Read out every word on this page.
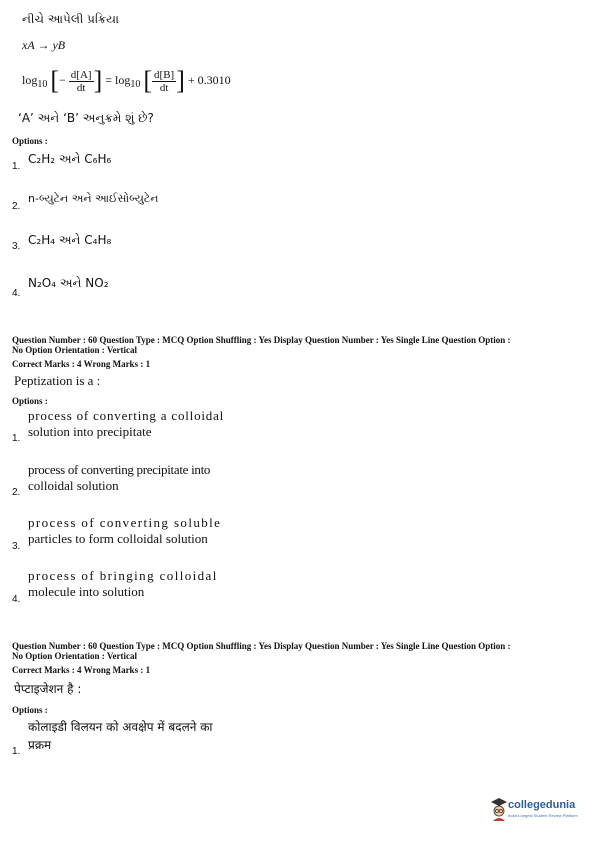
નીચે આપેલી પ્રક્રિયા
xA → yB
$\log_{10}$ [− $\frac{d[A]}{dt}$ ] = $\log_{10}$ [ $\frac{d[B]}{dt}$ ] + 0.3010
‘A’ અને ‘B’ અનુક્રમે શું છે?
Options :
1.
C₂H₂ અને C₆H₆
2.
n-બ્યુટેન અને આઈસોબ્યુટેન
3. C₂H₄ અને C₄H₈
4.
N₂O₄ અને NO₂
Question Number : 60 Question Type : MCQ Option Shuffling : Yes Display Question Number : Yes Single Line Question Option :
No Option Orientation : Vertical
Correct Marks : 4 Wrong Marks : 1
Peptization is a :
Options :
1.
process of converting a colloidal
solution into precipitate
2.
process of converting precipitate into
colloidal solution
3.
process of converting soluble
particles to form colloidal solution
4.
process of bringing colloidal
molecule into solution
Question Number : 60 Question Type : MCQ Option Shuffling : Yes Display Question Number : Yes Single Line Question Option :
No Option Orientation : Vertical
Correct Marks : 4 Wrong Marks : 1
पेप्टाइजेशन है :
Options :
1.
कोलाइडी विलयन को अवक्षेप में बदलने का
प्रक्रम
collegedunia
India's largest Student Review Platform
